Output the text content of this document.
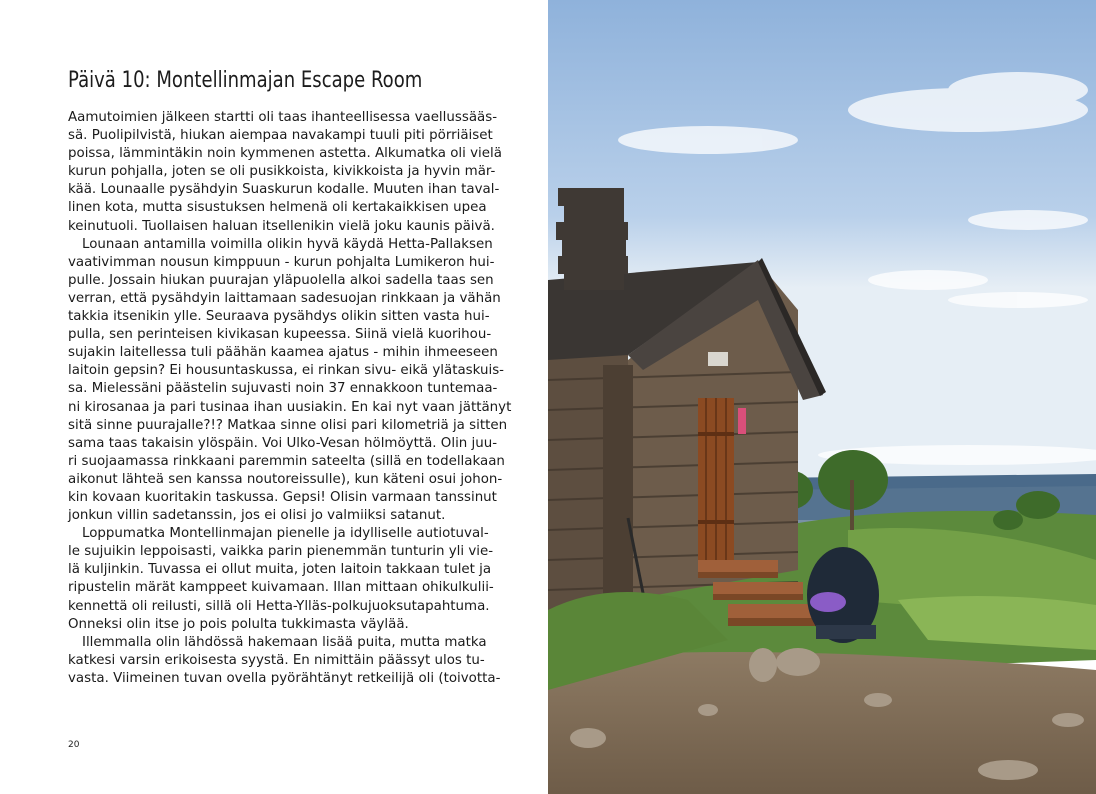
Päivä 10: Montellinmajan Escape Room
Aamutoimien jälkeen startti oli taas ihanteellisessa vaellussääs-
sä. Puolipilvistä, hiukan aiempaa navakampi tuuli piti pörriäiset
poissa, lämmintäkin noin kymmenen astetta. Alkumatka oli vielä
kurun pohjalla, joten se oli pusikkoista, kivikkoista ja hyvin mär-
kää. Lounaalle pysähdyin Suaskurun kodalle. Muuten ihan taval-
linen kota, mutta sisustuksen helmenä oli kertakaikkisen upea
keinutuoli. Tuollaisen haluan itsellenikin vielä joku kaunis päivä.
Lounaan antamilla voimilla olikin hyvä käydä Hetta-Pallaksen
vaativimman nousun kimppuun - kurun pohjalta Lumikeron hui-
pulle. Jossain hiukan puurajan yläpuolella alkoi sadella taas sen
verran, että pysähdyin laittamaan sadesuojan rinkkaan ja vähän
takkia itsenikin ylle. Seuraava pysähdys olikin sitten vasta hui-
pulla, sen perinteisen kivikasan kupeessa. Siinä vielä kuorihou-
sujakin laitellessa tuli päähän kaamea ajatus - mihin ihmeeseen
laitoin gepsin? Ei housuntaskussa, ei rinkan sivu- eikä ylätaskuis-
sa. Mielessäni päästelin sujuvasti noin 37 ennakkoon tuntemaa-
ni kirosanaa ja pari tusinaa ihan uusiakin. En kai nyt vaan jättänyt
sitä sinne puurajalle?!? Matkaa sinne olisi pari kilometriä ja sitten
sama taas takaisin ylöspäin. Voi Ulko-Vesan hölmöyttä. Olin juu-
ri suojaamassa rinkkaani paremmin sateelta (sillä en todellakaan
aikonut lähteä sen kanssa noutoreissulle), kun käteni osui johon-
kin kovaan kuoritakin taskussa. Gepsi! Olisin varmaan tanssinut
jonkun villin sadetanssin, jos ei olisi jo valmiiksi satanut.
Loppumatka Montellinmajan pienelle ja idylliselle autiotuval-
le sujuikin leppoisasti, vaikka parin pienemmän tunturin yli vie-
lä kuljinkin. Tuvassa ei ollut muita, joten laitoin takkaan tulet ja
ripustelin märät kamppeet kuivamaan. Illan mittaan ohikulkulii-
kennettä oli reilusti, sillä oli Hetta-Ylläs-polkujuoksutapahtuma.
Onneksi olin itse jo pois polulta tukkimasta väylää.
Illemmalla olin lähdössä hakemaan lisää puita, mutta matka
katkesi varsin erikoisesta syystä. En nimittäin päässyt ulos tu-
vasta. Viimeinen tuvan ovella pyörähtänyt retkeilijä oli (toivotta-
20
